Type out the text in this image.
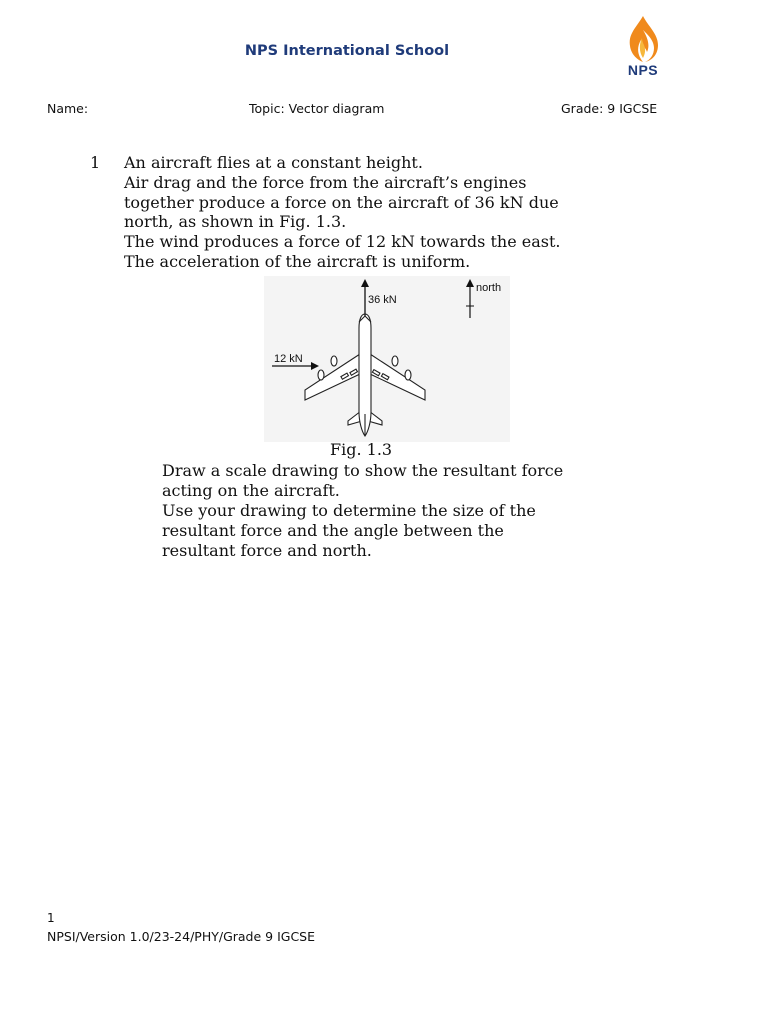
NPS International School
NPS
Name:	Topic: Vector diagram	Grade: 9 IGCSE
1 An aircraft flies at a constant height.
Air drag and the force from the aircraft’s engines
together produce a force on the aircraft of 36 kN due
north, as shown in Fig. 1.3.
The wind produces a force of 12 kN towards the east.
The acceleration of the aircraft is uniform.
36 kN
12 kN
north
Fig. 1.3
Draw a scale drawing to show the resultant force
acting on the aircraft.
Use your drawing to determine the size of the
resultant force and the angle between the
resultant force and north.
1
NPSI/Version 1.0/23-24/PHY/Grade 9 IGCSE
